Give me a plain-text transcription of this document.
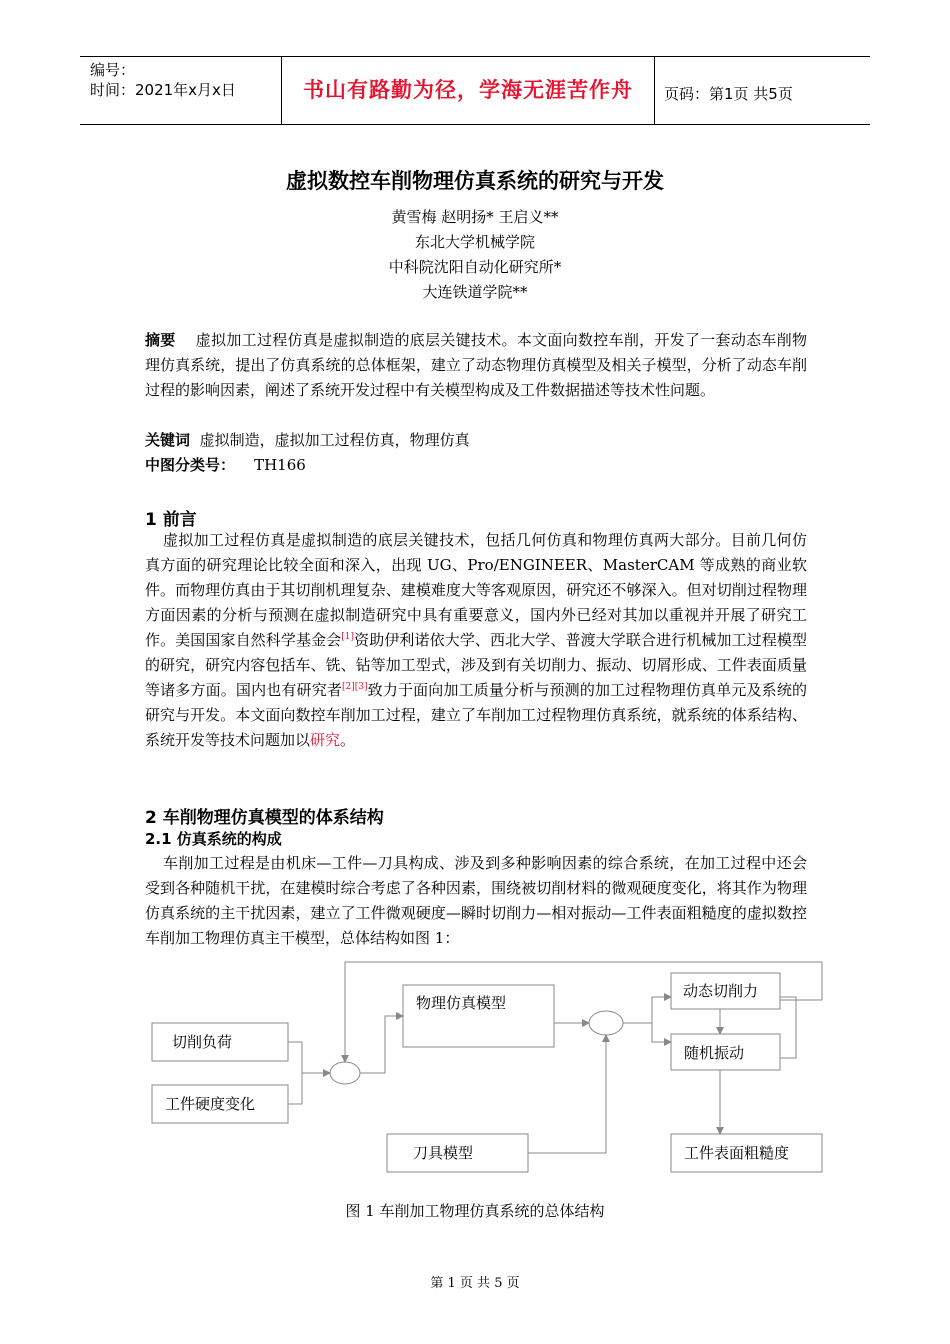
编号：
时间：2021年x月x日	书山有路勤为径，学海无涯苦作舟	页码：第1页 共5页
虚拟数控车削物理仿真系统的研究与开发
黄雪梅 赵明扬* 王启义**
东北大学机械学院
中科院沈阳自动化研究所*
大连铁道学院**
摘要 虚拟加工过程仿真是虚拟制造的底层关键技术。本文面向数控车削，开发了一套动态车削物理仿真系统，提出了仿真系统的总体框架，建立了动态物理仿真模型及相关子模型，分析了动态车削过程的影响因素，阐述了系统开发过程中有关模型构成及工件数据描述等技术性问题。
关键词 虚拟制造，虚拟加工过程仿真，物理仿真
中图分类号： TH166
1 前言
虚拟加工过程仿真是虚拟制造的底层关键技术，包括几何仿真和物理仿真两大部分。目前几何仿真方面的研究理论比较全面和深入，出现 UG、Pro/ENGINEER、MasterCAM 等成熟的商业软件。而物理仿真由于其切削机理复杂、建模难度大等客观原因，研究还不够深入。但对切削过程物理方面因素的分析与预测在虚拟制造研究中具有重要意义，国内外已经对其加以重视并开展了研究工作。美国国家自然科学基金会[1]资助伊利诺依大学、西北大学、普渡大学联合进行机械加工过程模型的研究，研究内容包括车、铣、钻等加工型式，涉及到有关切削力、振动、切屑形成、工件表面质量等诸多方面。国内也有研究者[2][3]致力于面向加工质量分析与预测的加工过程物理仿真单元及系统的研究与开发。本文面向数控车削加工过程，建立了车削加工过程物理仿真系统，就系统的体系结构、系统开发等技术问题加以研究。
2 车削物理仿真模型的体系结构
2.1 仿真系统的构成
车削加工过程是由机床—工件—刀具构成、涉及到多种影响因素的综合系统，在加工过程中还会受到各种随机干扰，在建模时综合考虑了各种因素，围绕被切削材料的微观硬度变化，将其作为物理仿真系统的主干扰因素，建立了工件微观硬度—瞬时切削力—相对振动—工件表面粗糙度的虚拟数控车削加工物理仿真主干模型，总体结构如图 1：
切削负荷
工件硬度变化
物理仿真模型
刀具模型
动态切削力
随机振动
工件表面粗糙度
图 1 车削加工物理仿真系统的总体结构
第 1 页 共 5 页
